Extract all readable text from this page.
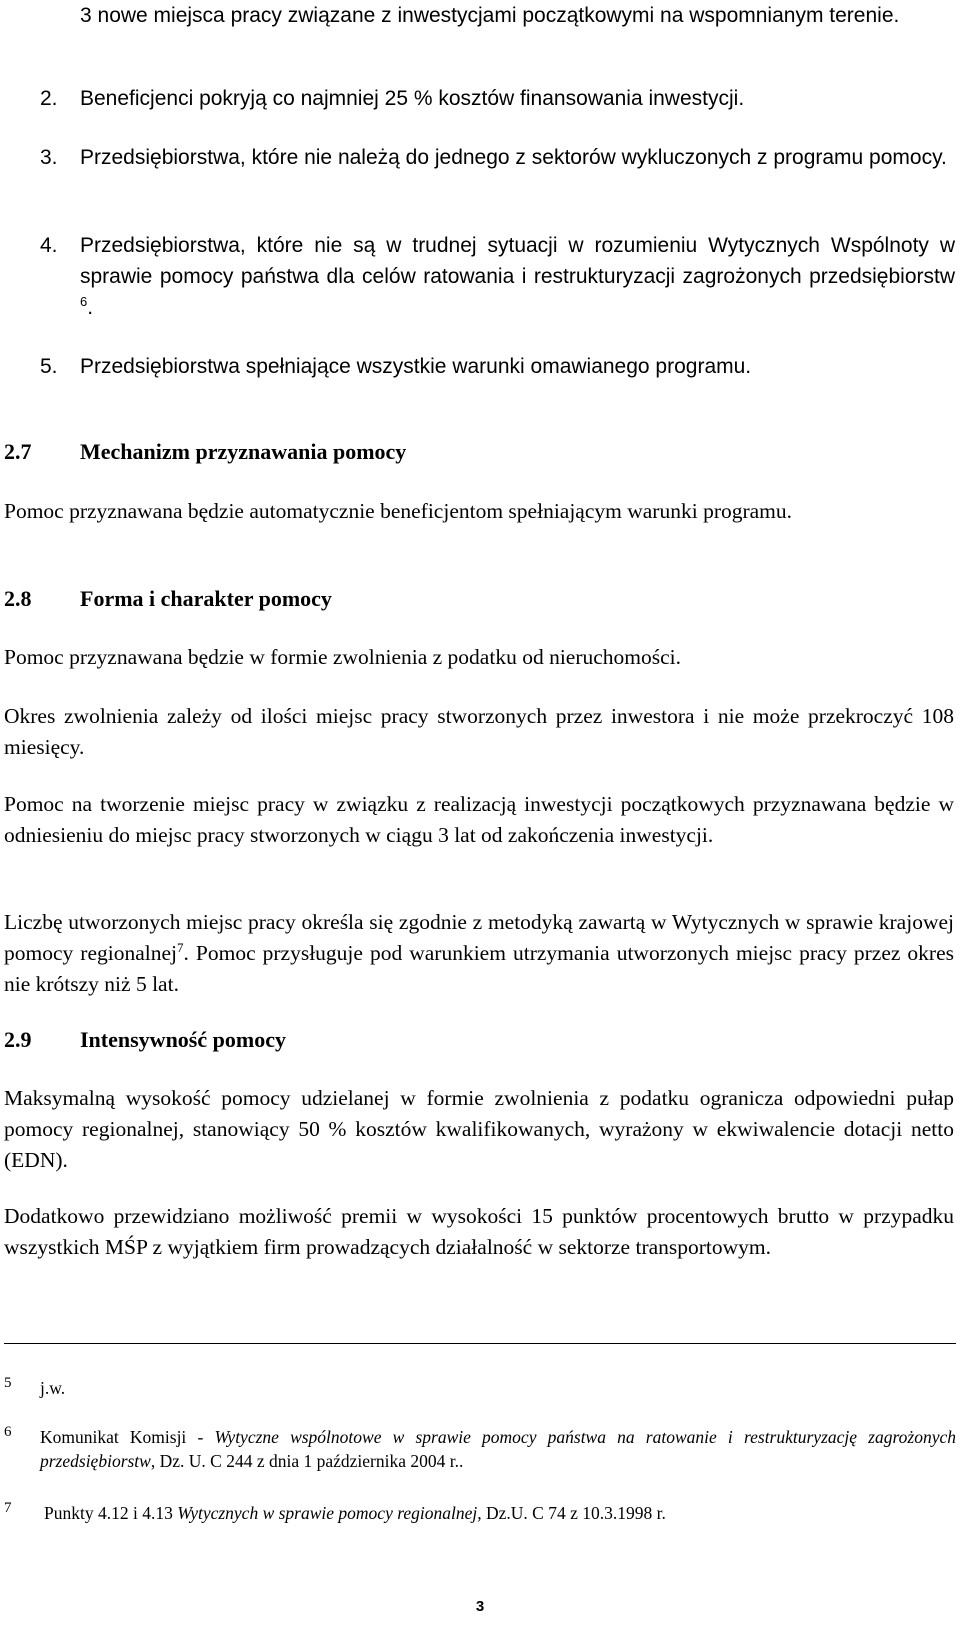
3 nowe miejsca pracy związane z inwestycjami początkowymi na wspomnianym terenie.
2.	Beneficjenci pokryją co najmniej 25 % kosztów finansowania inwestycji.
3.	Przedsiębiorstwa, które nie należą do jednego z sektorów wykluczonych z programu pomocy.
4.	Przedsiębiorstwa, które nie są w trudnej sytuacji w rozumieniu Wytycznych Wspólnoty w sprawie pomocy państwa dla celów ratowania i restrukturyzacji zagrożonych przedsiębiorstw $^6$.
5.	Przedsiębiorstwa spełniające wszystkie warunki omawianego programu.
2.7 Mechanizm przyznawania pomocy
Pomoc przyznawana będzie automatycznie beneficjentom spełniającym warunki programu.
2.8 Forma i charakter pomocy
Pomoc przyznawana będzie w formie zwolnienia z podatku od nieruchomości.
Okres zwolnienia zależy od ilości miejsc pracy stworzonych przez inwestora i nie może przekroczyć 108 miesięcy.
Pomoc na tworzenie miejsc pracy w związku z realizacją inwestycji początkowych przyznawana będzie w odniesieniu do miejsc pracy stworzonych w ciągu 3 lat od zakończenia inwestycji.
Liczbę utworzonych miejsc pracy określa się zgodnie z metodyką zawartą w Wytycznych w sprawie krajowej pomocy regionalnej$^7$. Pomoc przysługuje pod warunkiem utrzymania utworzonych miejsc pracy przez okres nie krótszy niż 5 lat.
2.9 Intensywność pomocy
Maksymalną wysokość pomocy udzielanej w formie zwolnienia z podatku ogranicza odpowiedni pułap pomocy regionalnej, stanowiący 50 % kosztów kwalifikowanych, wyrażony w ekwiwalencie dotacji netto (EDN).
Dodatkowo przewidziano możliwość premii w wysokości 15 punktów procentowych brutto w przypadku wszystkich MŚP z wyjątkiem firm prowadzących działalność w sektorze transportowym.
5 j.w.
6 Komunikat Komisji - Wytyczne wspólnotowe w sprawie pomocy państwa na ratowanie i restrukturyzację zagrożonych przedsiębiorstw, Dz. U. C 244 z dnia 1 października 2004 r..
7 Punkty 4.12 i 4.13 Wytycznych w sprawie pomocy regionalnej, Dz.U. C 74 z 10.3.1998 r.
3
